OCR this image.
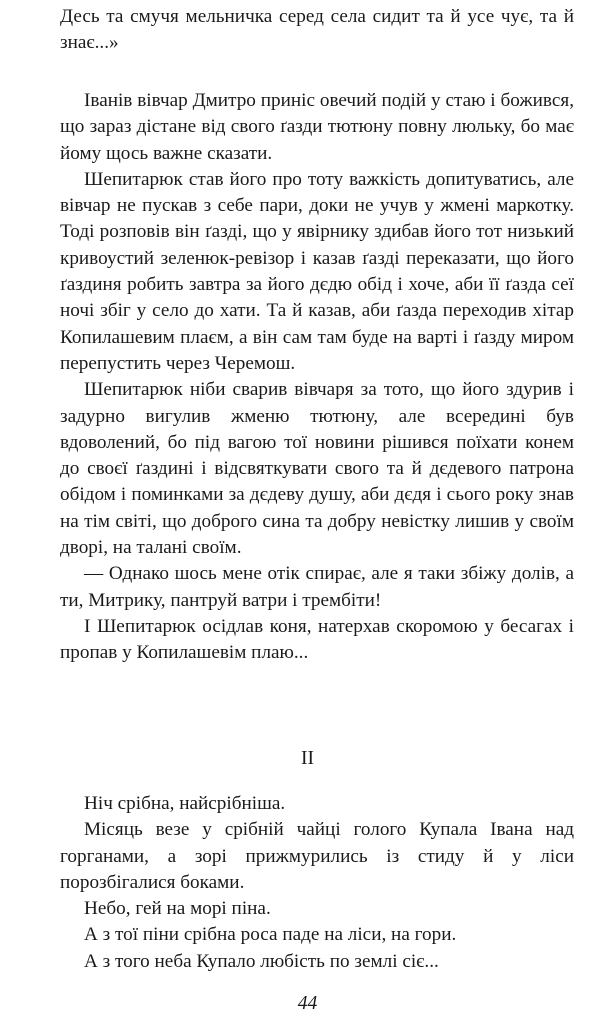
Десь та смучя мельничка серед села сидит та й усе чує, та й знає...»

Іванів вівчар Дмитро приніс овечий подій у стаю і божився, що зараз дістане від свого ґазди тютюну повну люльку, бо має йому щось важне сказати.

Шепитарюк став його про тоту важкість допитуватись, але вівчар не пускав з себе пари, доки не учув у жмені маркотку. Тоді розповів він ґазді, що у явірнику здибав його тот низький кривоустий зеленюк-ревізор і казав ґазді переказати, що його ґаздиня робить завтра за його дєдю обід і хоче, аби її ґазда сеї ночі збіг у село до хати. Та й казав, аби ґазда переходив хітар Копилашевим плаєм, а він сам там буде на варті і ґазду миром перепустить через Черемош.

Шепитарюк ніби сварив вівчаря за тото, що його здурив і задурно вигулив жменю тютюну, але всередині був вдоволений, бо під вагою тої новини рішився поїхати конем до своєї ґаздині і відсвяткувати свого та й дєдевого патрона обідом і поминками за дєдеву душу, аби дєдя і сього року знав на тім світі, що доброго сина та добру невістку лишив у своїм дворі, на талані своїм.

— Однако шось мене отік спирає, але я таки збіжу долів, а ти, Митрику, пантруй ватри і трембіти!

І Шепитарюк осідлав коня, натерхав скоромою у бесагах і пропав у Копилашевім плаю...

II

Ніч срібна, найсрібніша.

Місяць везе у срібній чайці голого Купала Івана над горганами, а зорі прижмурились із стиду й у ліси порозбігалися боками.

Небо, гей на морі піна.

А з тої піни срібна роса паде на ліси, на гори.

А з того неба Купало любість по землі сіє...

44
